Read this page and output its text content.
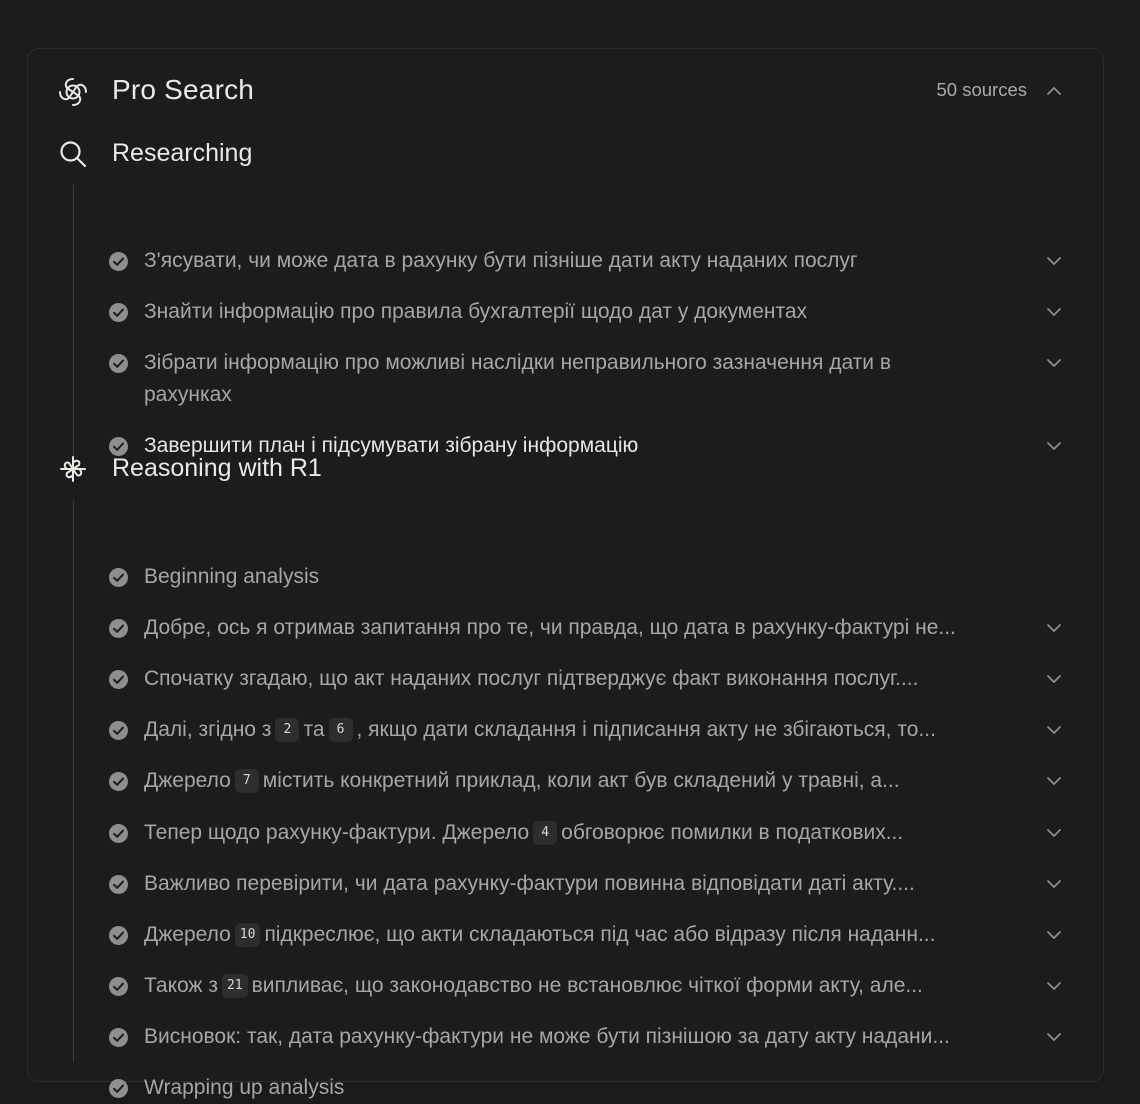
Pro Search	50 sources
Researching
З'ясувати, чи може дата в рахунку бути пізніше дати акту наданих послуг
Знайти інформацію про правила бухгалтерії щодо дат у документах
Зібрати інформацію про можливі наслідки неправильного зазначення дати в рахунках
Завершити план і підсумувати зібрану інформацію
Reasoning with R1
Beginning analysis
Добре, ось я отримав запитання про те, чи правда, що дата в рахунку-фактурі не...
Спочатку згадаю, що акт наданих послуг підтверджує факт виконання послуг....
Далі, згідно з 2 та 6 , якщо дати складання і підписання акту не збігаються, то...
Джерело 7 містить конкретний приклад, коли акт був складений у травні, а...
Тепер щодо рахунку-фактури. Джерело 4 обговорює помилки в податкових...
Важливо перевірити, чи дата рахунку-фактури повинна відповідати даті акту....
Джерело 10 підкреслює, що акти складаються під час або відразу після наданн...
Також з 21 випливає, що законодавство не встановлює чіткої форми акту, але...
Висновок: так, дата рахунку-фактури не може бути пізнішою за дату акту надани...
Wrapping up analysis
